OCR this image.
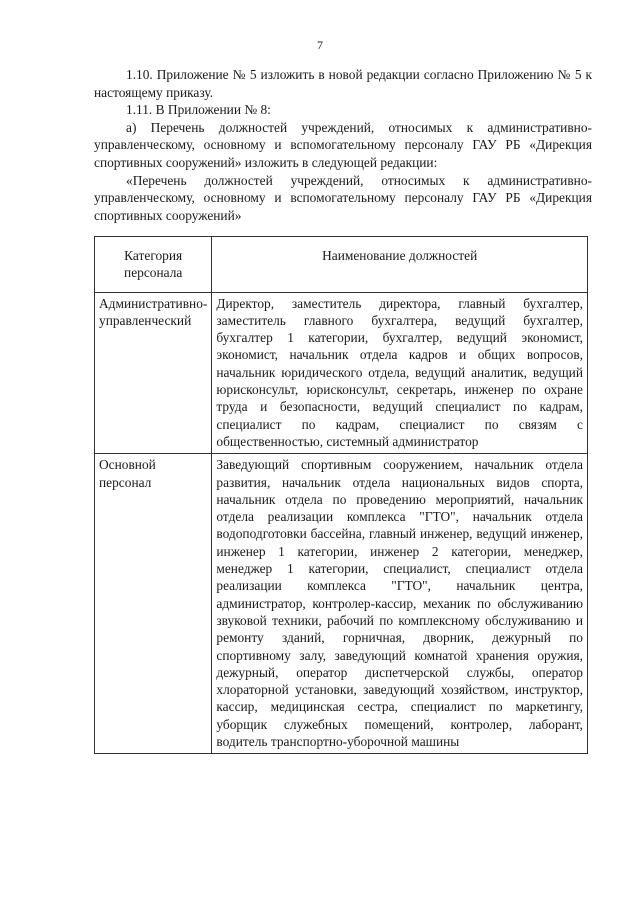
7

1.10. Приложение № 5 изложить в новой редакции согласно Приложению № 5 к настоящему приказу.

1.11. В Приложении № 8:

а) Перечень должностей учреждений, относимых к административно-управленческому, основному и вспомогательному персоналу ГАУ РБ «Дирекция спортивных сооружений» изложить в следующей редакции:

«Перечень должностей учреждений, относимых к административно-управленческому, основному и вспомогательному персоналу ГАУ РБ «Дирекция спортивных сооружений»

Категория персонала	Наименование должностей
Административно-управленческий	Директор, заместитель директора, главный бухгалтер, заместитель главного бухгалтера, ведущий бухгалтер, бухгалтер 1 категории, бухгалтер, ведущий экономист, экономист, начальник отдела кадров и общих вопросов, начальник юридического отдела, ведущий аналитик, ведущий юрисконсульт, юрисконсульт, секретарь, инженер по охране труда и безопасности, ведущий специалист по кадрам, специалист по кадрам, специалист по связям с общественностью, системный администратор
Основной персонал	Заведующий спортивным сооружением, начальник отдела развития, начальник отдела национальных видов спорта, начальник отдела по проведению мероприятий, начальник отдела реализации комплекса "ГТО", начальник отдела водоподготовки бассейна, главный инженер, ведущий инженер, инженер 1 категории, инженер 2 категории, менеджер, менеджер 1 категории, специалист, специалист отдела реализации комплекса "ГТО", начальник центра, администратор, контролер-кассир, механик по обслуживанию звуковой техники, рабочий по комплексному обслуживанию и ремонту зданий, горничная, дворник, дежурный по спортивному залу, заведующий комнатой хранения оружия, дежурный, оператор диспетчерской службы, оператор хлораторной установки, заведующий хозяйством, инструктор, кассир, медицинская сестра, специалист по маркетингу, уборщик служебных помещений, контролер, лаборант, водитель транспортно-уборочной машины
